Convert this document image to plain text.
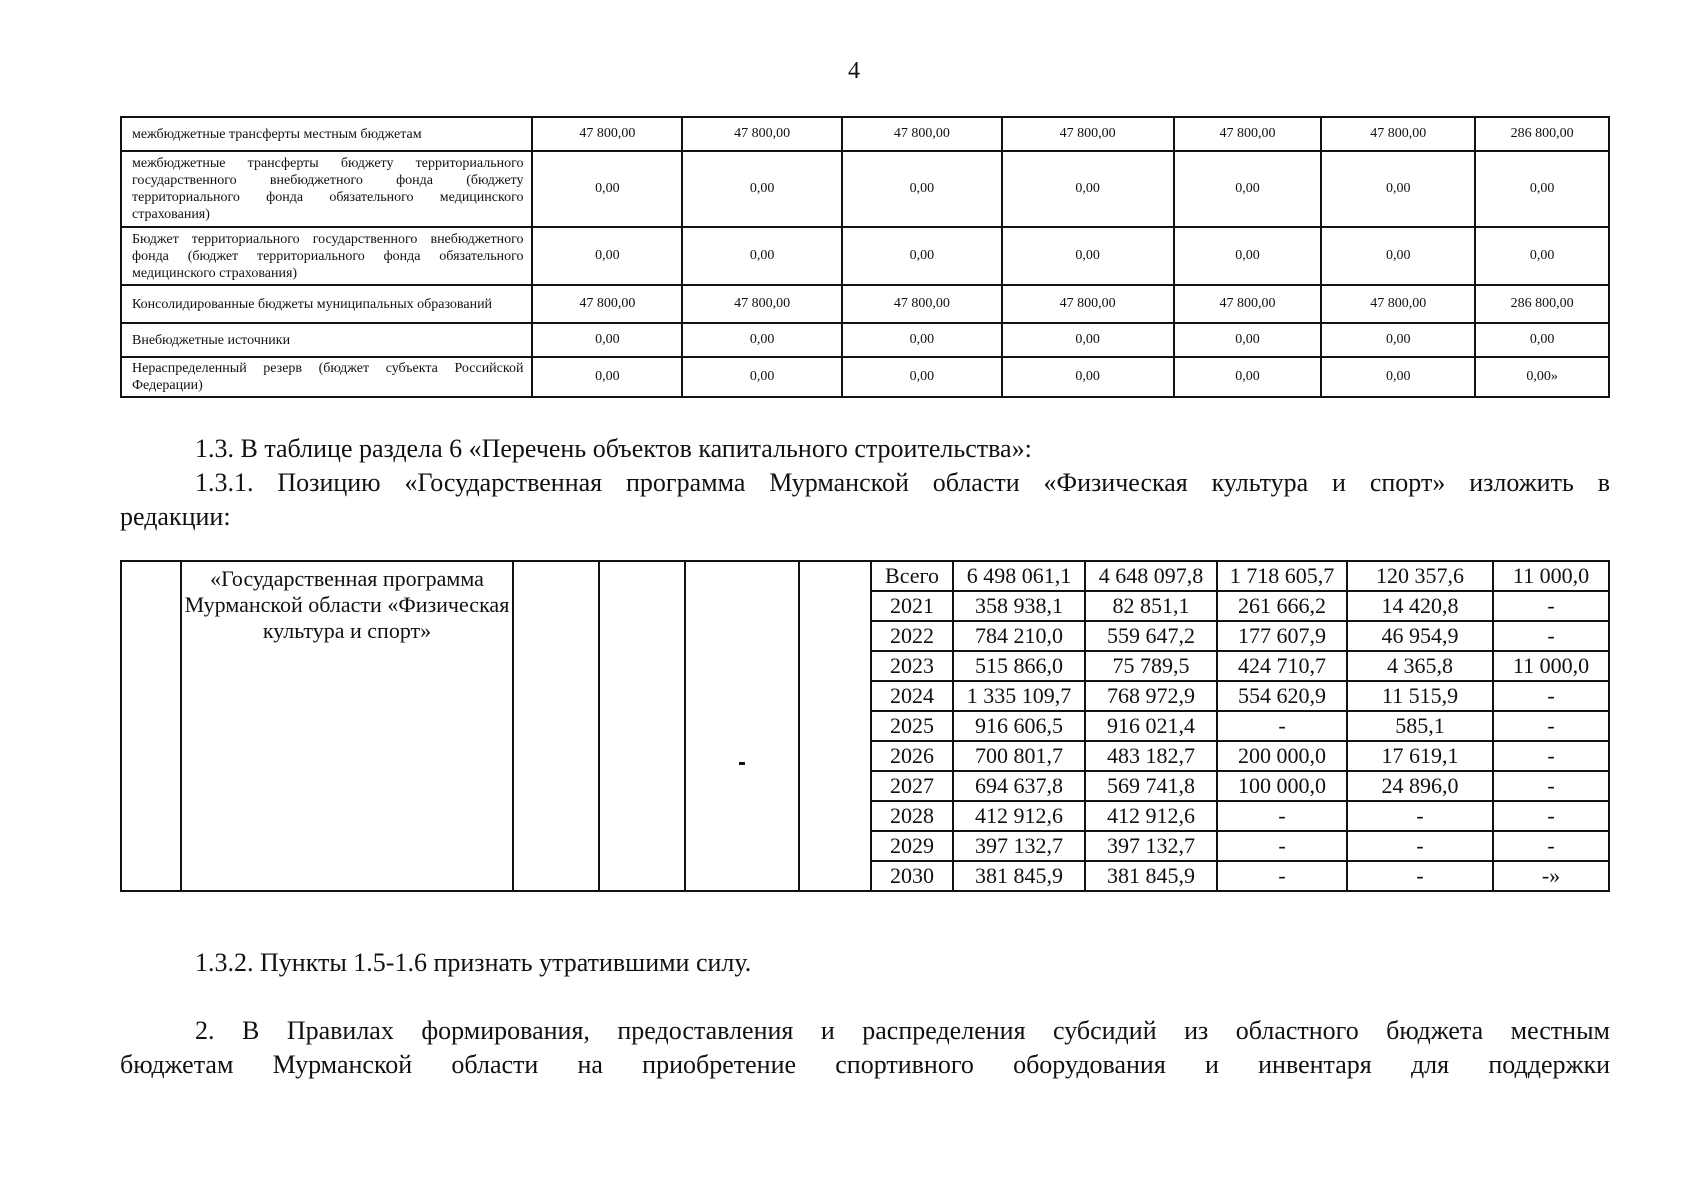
4
межбюджетные трансферты местным бюджетам	47 800,00	47 800,00	47 800,00	47 800,00	47 800,00	47 800,00	286 800,00
межбюджетные трансферты бюджету территориального государственного внебюджетного фонда (бюджету территориального фонда обязательного медицинского страхования)	0,00	0,00	0,00	0,00	0,00	0,00	0,00
Бюджет территориального государственного внебюджетного фонда (бюджет территориального фонда обязательного медицинского страхования)	0,00	0,00	0,00	0,00	0,00	0,00	0,00
Консолидированные бюджеты муниципальных образований	47 800,00	47 800,00	47 800,00	47 800,00	47 800,00	47 800,00	286 800,00
Внебюджетные источники	0,00	0,00	0,00	0,00	0,00	0,00	0,00
Нераспределенный резерв (бюджет субъекта Российской Федерации)	0,00	0,00	0,00	0,00	0,00	0,00	0,00»
1.3. В таблице раздела 6 «Перечень объектов капитального строительства»:
1.3.1. Позицию «Государственная программа Мурманской области «Физическая культура и спорт» изложить в
редакции:
	«Государственная программа Мурманской области «Физическая культура и спорт»					Всего	6 498 061,1	4 648 097,8	1 718 605,7	120 357,6	11 000,0
						2021	358 938,1	82 851,1	261 666,2	14 420,8	-
						2022	784 210,0	559 647,2	177 607,9	46 954,9	-
						2023	515 866,0	75 789,5	424 710,7	4 365,8	11 000,0
						2024	1 335 109,7	768 972,9	554 620,9	11 515,9	-
						2025	916 606,5	916 021,4	-	585,1	-
						2026	700 801,7	483 182,7	200 000,0	17 619,1	-
						2027	694 637,8	569 741,8	100 000,0	24 896,0	-
						2028	412 912,6	412 912,6	-	-	-
						2029	397 132,7	397 132,7	-	-	-
						2030	381 845,9	381 845,9	-	-	-»
1.3.2. Пункты 1.5-1.6 признать утратившими силу.
2. В Правилах формирования, предоставления и распределения субсидий из областного бюджета местным
бюджетам Мурманской области на приобретение спортивного оборудования и инвентаря для поддержки
